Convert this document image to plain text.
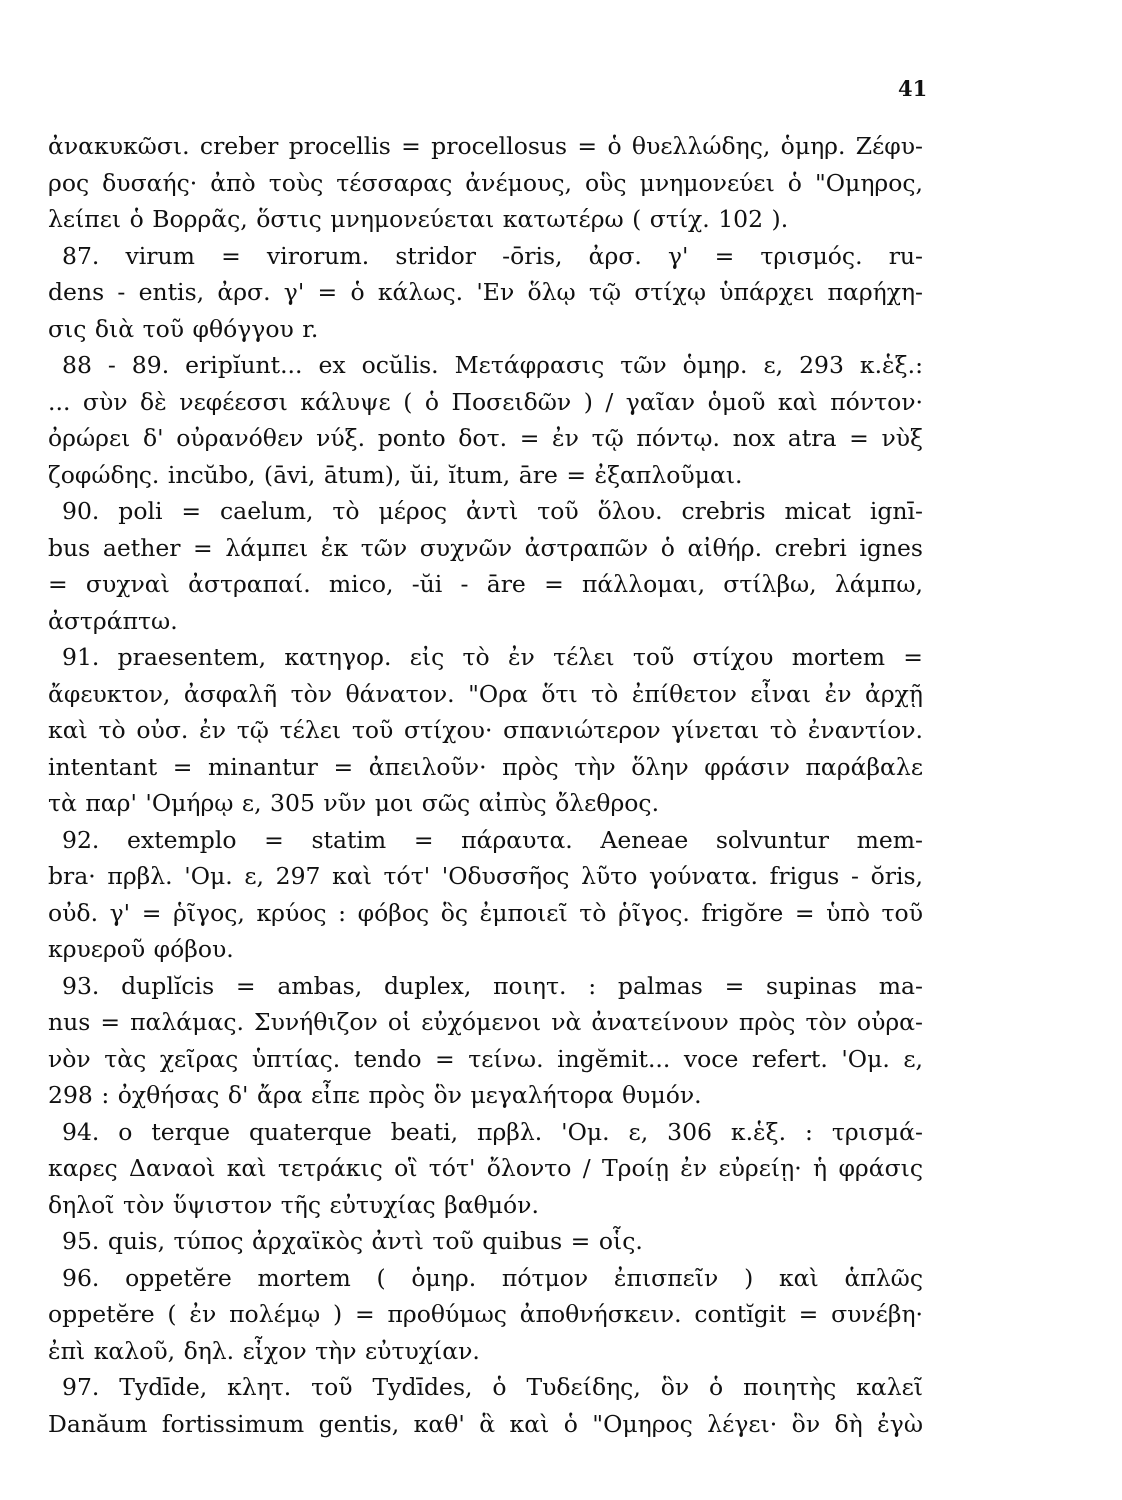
41
ἀνακυκῶσι. creber procellis = procellosus = ὁ θυελλώδης, ὁμηρ. Ζέφυ-
ρος δυσαής· ἀπὸ τοὺς τέσσαρας ἀνέμους, οὓς μνημονεύει ὁ "Ομηρος,
λείπει ὁ Βορρᾶς, ὅστις μνημονεύεται κατωτέρω ( στίχ. 102 ).
87. virum = virorum. stridor -ōris, ἀρσ. γ' = τρισμός. ru-
dens - entis, ἀρσ. γ' = ὁ κάλως. 'Εν ὅλῳ τῷ στίχῳ ὑπάρχει παρήχη-
σις διὰ τοῦ φθόγγου r.
88 - 89. eripĭunt... ex ocŭlis. Μετάφρασις τῶν ὁμηρ. ε, 293 κ.ἑξ.:
... σὺν δὲ νεφέεσσι κάλυψε ( ὁ Ποσειδῶν ) / γαῖαν ὁμοῦ καὶ πόντον·
ὀρώρει δ' οὐρανόθεν νύξ. ponto δοτ. = ἐν τῷ πόντῳ. nox atra = νὺξ
ζοφώδης. incŭbo, (āvi, ātum), ŭi, ĭtum, āre = ἐξαπλοῦμαι.
90. poli = caelum, τὸ μέρος ἀντὶ τοῦ ὅλου. crebris micat ignī-
bus aether = λάμπει ἐκ τῶν συχνῶν ἀστραπῶν ὁ αἰθήρ. crebri ignes
= συχναὶ ἀστραπαί. mico, -ŭi - āre = πάλλομαι, στίλβω, λάμπω,
ἀστράπτω.
91. praesentem, κατηγορ. εἰς τὸ ἐν τέλει τοῦ στίχου mortem =
ἄφευκτον, ἀσφαλῆ τὸν θάνατον. "Ορα ὅτι τὸ ἐπίθετον εἶναι ἐν ἀρχῇ
καὶ τὸ οὐσ. ἐν τῷ τέλει τοῦ στίχου· σπανιώτερον γίνεται τὸ ἐναντίον.
intentant = minantur = ἀπειλοῦν· πρὸς τὴν ὅλην φράσιν παράβαλε
τὰ παρ' 'Ομήρῳ ε, 305 νῦν μοι σῶς αἰπὺς ὄλεθρος.
92. extemplo = statim = πάραυτα. Aeneae solvuntur mem-
bra· πρβλ. 'Ομ. ε, 297 καὶ τότ' 'Οδυσσῆος λῦτο γούνατα. frigus - ŏris,
οὐδ. γ' = ῥῖγος, κρύος : φόβος ὃς ἐμποιεῖ τὸ ῥῖγος. frigŏre = ὑπὸ τοῦ
κρυεροῦ φόβου.
93. duplĭcis = ambas, duplex, ποιητ. : palmas = supinas ma-
nus = παλάμας. Συνήθιζον οἱ εὐχόμενοι νὰ ἀνατείνουν πρὸς τὸν οὐρα-
νὸν τὰς χεῖρας ὑπτίας. tendo = τείνω. ingĕmit... voce refert. 'Ομ. ε,
298 : ὀχθήσας δ' ἄρα εἶπε πρὸς ὃν μεγαλήτορα θυμόν.
94. o terque quaterque beati, πρβλ. 'Ομ. ε, 306 κ.ἑξ. : τρισμά-
καρες Δαναοὶ καὶ τετράκις οἳ τότ' ὄλοντο / Τροίῃ ἐν εὐρείῃ· ἡ φράσις
δηλοῖ τὸν ὕψιστον τῆς εὐτυχίας βαθμόν.
95. quis, τύπος ἀρχαϊκὸς ἀντὶ τοῦ quibus = οἷς.
96. oppetĕre mortem ( ὁμηρ. πότμον ἐπισπεῖν ) καὶ ἁπλῶς
oppetĕre ( ἐν πολέμῳ ) = προθύμως ἀποθνήσκειν. contĭgit = συνέβη·
ἐπὶ καλοῦ, δηλ. εἶχον τὴν εὐτυχίαν.
97. Tydīde, κλητ. τοῦ Tydīdes, ὁ Τυδείδης, ὃν ὁ ποιητὴς καλεῖ
Danăum fortissimum gentis, καθ' ἃ καὶ ὁ "Ομηρος λέγει· ὃν δὴ ἐγὼ
